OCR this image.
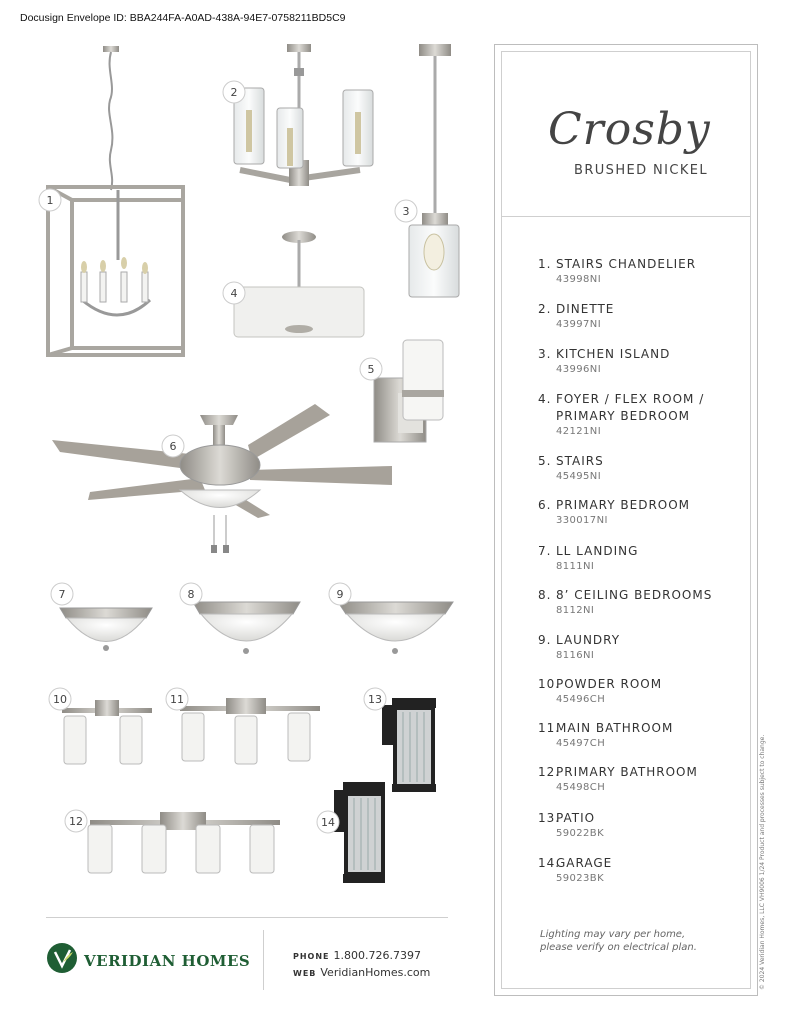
Docusign Envelope ID: BBA244FA-A0AD-438A-94E7-0758211BD5C9
1
2
3
4
5
6
7	8	9
10	11
12
13
14
Crosby
BRUSHED NICKEL
1. STAIRS CHANDELIER
43998NI
2. DINETTE
43997NI
3. KITCHEN ISLAND
43996NI
4. FOYER / FLEX ROOM /
PRIMARY BEDROOM
42121NI
5. STAIRS
45495NI
6. PRIMARY BEDROOM
330017NI
7. LL LANDING
8111NI
8. 8’ CEILING BEDROOMS
8112NI
9. LAUNDRY
8116NI
10.POWDER ROOM
45496CH
11.MAIN BATHROOM
45497CH
12.PRIMARY BATHROOM
45498CH
13.PATIO
59022BK
14.GARAGE
59023BK
Lighting may vary per home,
please verify on electrical plan.	© 2024 Veridian Homes, LLC VH9006 1/24 Product and processes subject to change.
VERIDIAN HOMES	PHONE 1.800.726.7397
WEB VeridianHomes.com
